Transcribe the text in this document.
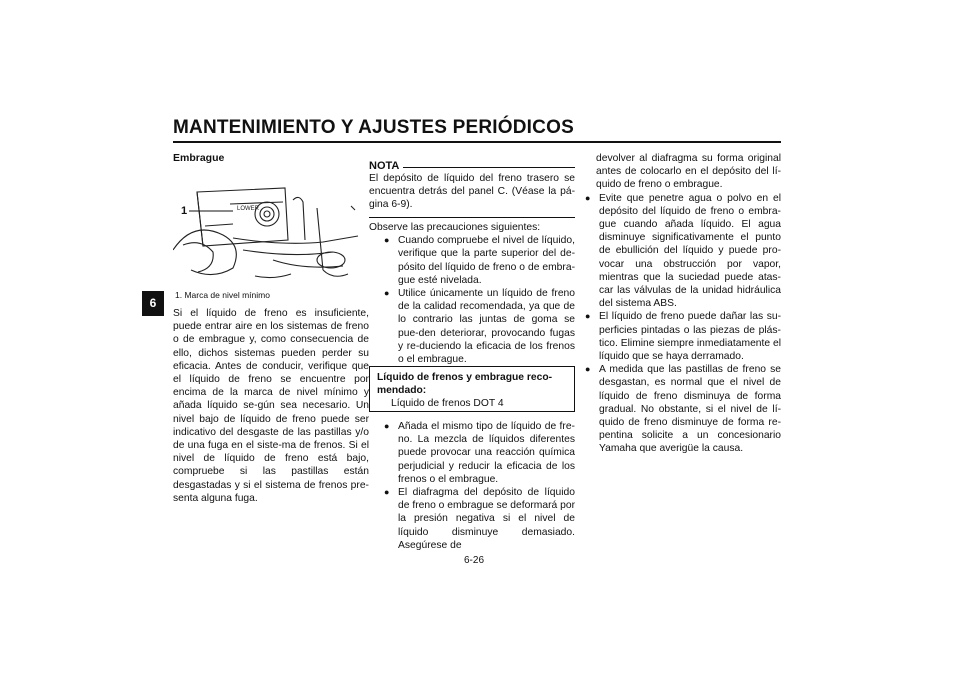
MANTENIMIENTO Y AJUSTES PERIÓDICOS
6
Embrague
LOWER
1
1. Marca de nivel mínimo

Si el líquido de freno es insuficiente, puede entrar aire en los sistemas de freno o de embrague y, como consecuencia de ello, dichos sistemas pueden perder su eficacia. Antes de conducir, verifique que el líquido de freno se encuentre por encima de la marca de nivel mínimo y añada líquido se-gún sea necesario. Un nivel bajo de líquido de freno puede ser indicativo del desgaste de las pastillas y/o de una fuga en el siste-ma de frenos. Si el nivel de líquido de freno está bajo, compruebe si las pastillas están desgastadas y si el sistema de frenos pre-senta alguna fuga.

NOTA

El depósito de líquido del freno trasero se encuentra detrás del panel C. (Véase la pá-gina 6-9).

Observe las precauciones siguientes:

● Cuando compruebe el nivel de líquido, verifique que la parte superior del de-pósito del líquido de freno o de embra-gue esté nivelada.
● Utilice únicamente un líquido de freno de la calidad recomendada, ya que de lo contrario las juntas de goma se pue-den deteriorar, provocando fugas y re-duciendo la eficacia de los frenos o el embrague.
Líquido de frenos y embrague reco-mendado:
Líquido de frenos DOT 4
● Añada el mismo tipo de líquido de fre-no. La mezcla de líquidos diferentes puede provocar una reacción química perjudicial y reducir la eficacia de los frenos o el embrague.
● El diafragma del depósito de líquido de freno o embrague se deformará por la presión negativa si el nivel de líquido disminuye demasiado. Asegúrese de

devolver al diafragma su forma original antes de colocarlo en el depósito del lí-quido de freno o embrague.

● Evite que penetre agua o polvo en el depósito del líquido de freno o embra-gue cuando añada líquido. El agua disminuye significativamente el punto de ebullición del líquido y puede pro-vocar una obstrucción por vapor, mientras que la suciedad puede atas-car las válvulas de la unidad hidráulica del sistema ABS.
● El líquido de freno puede dañar las su-perficies pintadas o las piezas de plás-tico. Elimine siempre inmediatamente el líquido que se haya derramado.
● A medida que las pastillas de freno se desgastan, es normal que el nivel de líquido de freno disminuya de forma gradual. No obstante, si el nivel de lí-quido de freno disminuye de forma re-pentina solicite a un concesionario Yamaha que averigüe la causa.
6-26
